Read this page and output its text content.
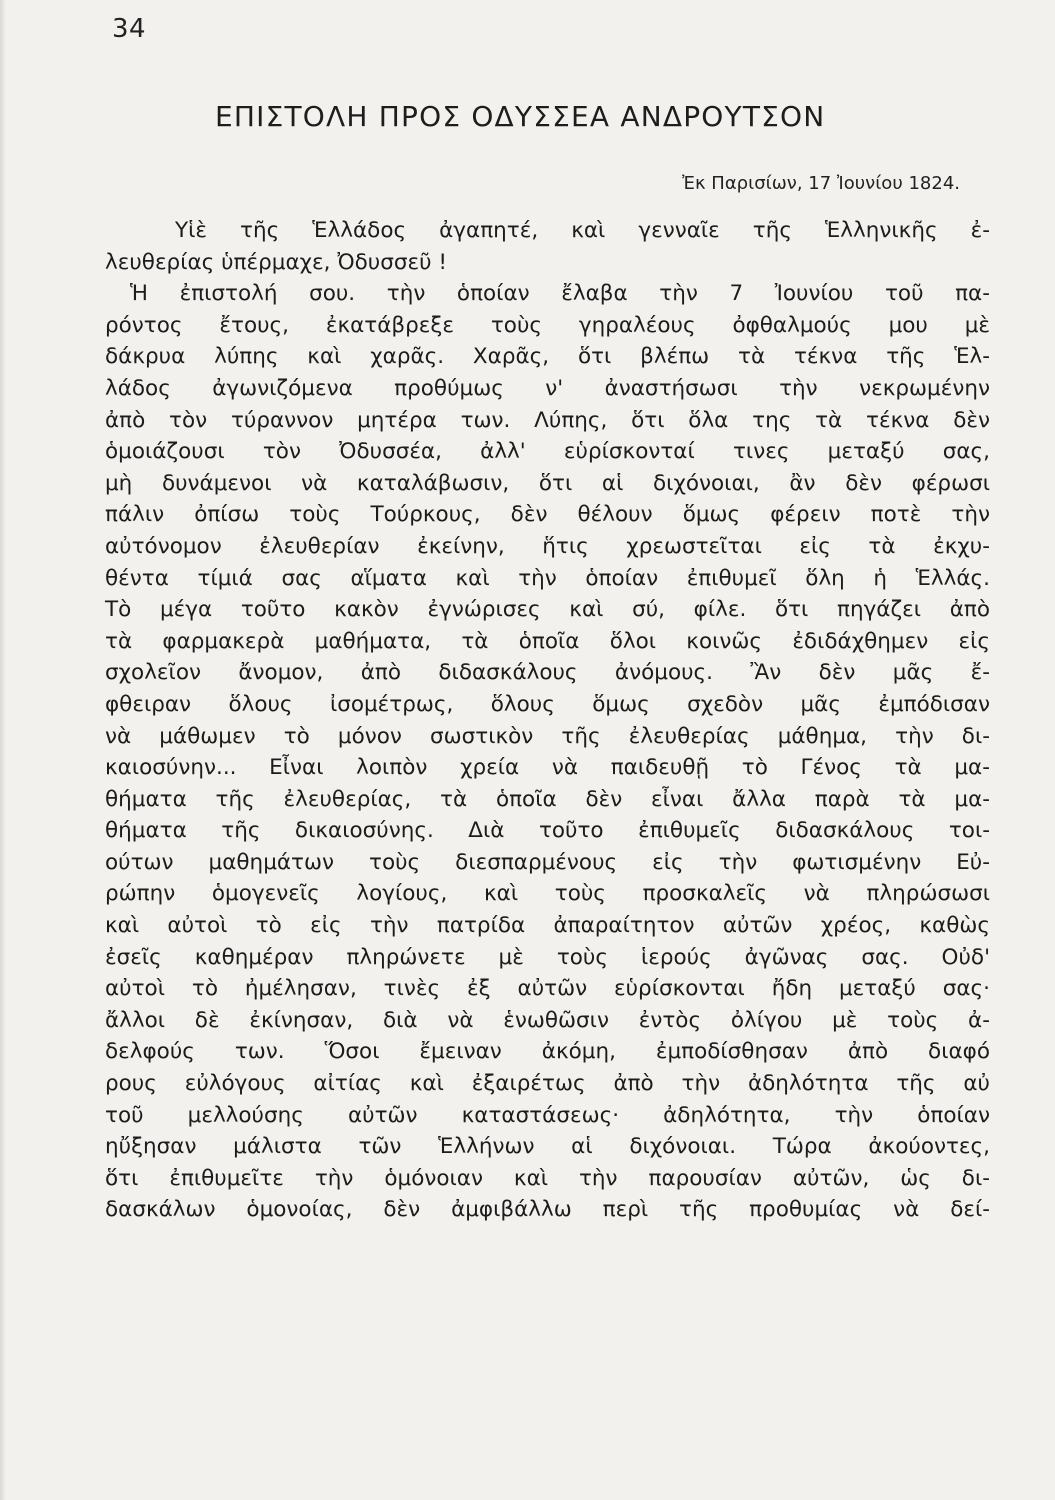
34
ΕΠΙΣΤΟΛΗ ΠΡΟΣ ΟΔΥΣΣΕΑ ΑΝΔΡΟΥΤΣΟΝ
Ἐκ Παρισίων, 17 Ἰουνίου 1824.
Υἱὲ τῆς Ἑλλάδος ἀγαπητέ, καὶ γενναῖε τῆς Ἑλληνικῆς ἐ-
λευθερίας ὑπέρμαχε, Ὀδυσσεῦ !
Ἡ ἐπιστολή σου. τὴν ὁποίαν ἔλαβα τὴν 7 Ἰουνίου τοῦ πα-
ρόντος ἔτους, ἐκατάβρεξε τοὺς γηραλέους ὀφθαλμούς μου μὲ
δάκρυα λύπης καὶ χαρᾶς. Χαρᾶς, ὅτι βλέπω τὰ τέκνα τῆς Ἑλ-
λάδος ἀγωνιζόμενα προθύμως ν' ἀναστήσωσι τὴν νεκρωμένην
ἀπὸ τὸν τύραννον μητέρα των. Λύπης, ὅτι ὅλα της τὰ τέκνα δὲν
ὁμοιάζουσι τὸν Ὀδυσσέα, ἀλλ' εὑρίσκονταί τινες μεταξύ σας,
μὴ δυνάμενοι νὰ καταλάβωσιν, ὅτι αἱ διχόνοιαι, ἂν δὲν φέρωσι
πάλιν ὀπίσω τοὺς Τούρκους, δὲν θέλουν ὅμως φέρειν ποτὲ τὴν
αὐτόνομον ἐλευθερίαν ἐκείνην, ἥτις χρεωστεῖται εἰς τὰ ἐκχυ-
θέντα τίμιά σας αἵματα καὶ τὴν ὁποίαν ἐπιθυμεῖ ὅλη ἡ Ἑλλάς.
Τὸ μέγα τοῦτο κακὸν ἐγνώρισες καὶ σύ, φίλε. ὅτι πηγάζει ἀπὸ
τὰ φαρμακερὰ μαθήματα, τὰ ὁποῖα ὅλοι κοινῶς ἐδιδάχθημεν εἰς
σχολεῖον ἄνομον, ἀπὸ διδασκάλους ἀνόμους. Ἂν δὲν μᾶς ἔ-
φθειραν ὅλους ἰσομέτρως, ὅλους ὅμως σχεδὸν μᾶς ἐμπόδισαν
νὰ μάθωμεν τὸ μόνον σωστικὸν τῆς ἐλευθερίας μάθημα, τὴν δι-
καιοσύνην... Εἶναι λοιπὸν χρεία νὰ παιδευθῇ τὸ Γένος τὰ μα-
θήματα τῆς ἐλευθερίας, τὰ ὁποῖα δὲν εἶναι ἄλλα παρὰ τὰ μα-
θήματα τῆς δικαιοσύνης. Διὰ τοῦτο ἐπιθυμεῖς διδασκάλους τοι-
ούτων μαθημάτων τοὺς διεσπαρμένους εἰς τὴν φωτισμένην Εὐ-
ρώπην ὁμογενεῖς λογίους, καὶ τοὺς προσκαλεῖς νὰ πληρώσωσι
καὶ αὐτοὶ τὸ εἰς τὴν πατρίδα ἀπαραίτητον αὐτῶν χρέος, καθὼς
ἐσεῖς καθημέραν πληρώνετε μὲ τοὺς ἱερούς ἀγῶνας σας. Οὐδ'
αὐτοὶ τὸ ἠμέλησαν, τινὲς ἐξ αὐτῶν εὑρίσκονται ἤδη μεταξύ σας·
ἄλλοι δὲ ἐκίνησαν, διὰ νὰ ἑνωθῶσιν ἐντὸς ὀλίγου μὲ τοὺς ἀ-
δελφούς των. Ὅσοι ἔμειναν ἀκόμη, ἐμποδίσθησαν ἀπὸ διαφό
ρους εὐλόγους αἰτίας καὶ ἐξαιρέτως ἀπὸ τὴν ἀδηλότητα τῆς αὐ
τοῦ μελλούσης αὐτῶν καταστάσεως· ἀδηλότητα, τὴν ὁποίαν
ηὔξησαν μάλιστα τῶν Ἑλλήνων αἱ διχόνοιαι. Τώρα ἀκούοντες,
ὅτι ἐπιθυμεῖτε τὴν ὁμόνοιαν καὶ τὴν παρουσίαν αὐτῶν, ὡς δι-
δασκάλων ὁμονοίας, δὲν ἀμφιβάλλω περὶ τῆς προθυμίας νὰ δεί-
